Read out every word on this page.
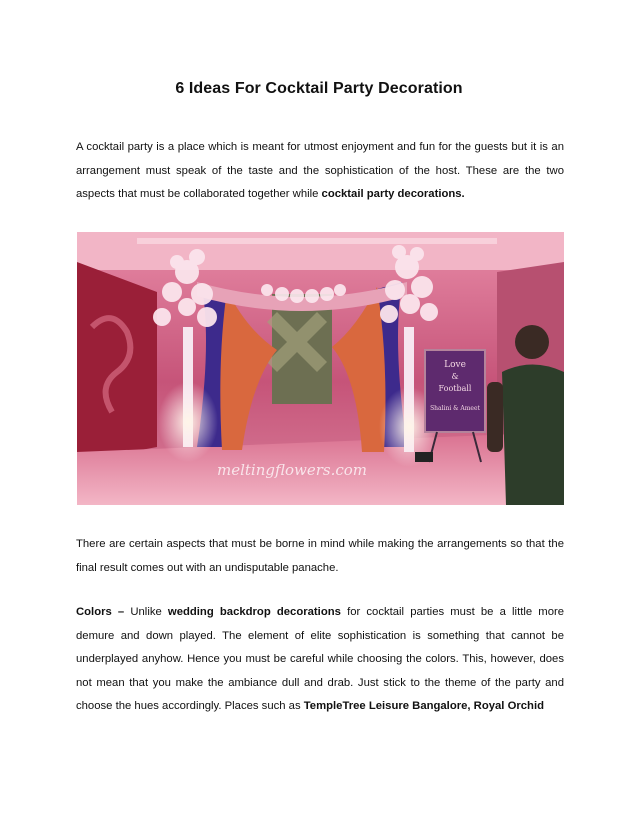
6 Ideas For Cocktail Party Decoration

A cocktail party is a place which is meant for utmost enjoyment and fun for the guests but it is an arrangement must speak of the taste and the sophistication of the host. These are the two aspects that must be collaborated together while cocktail party decorations.

Love
&
Football
Shalini & Ameet
meltingflowers.com

There are certain aspects that must be borne in mind while making the arrangements so that the final result comes out with an undisputable panache.

Colors – Unlike wedding backdrop decorations for cocktail parties must be a little more demure and down played. The element of elite sophistication is something that cannot be underplayed anyhow. Hence you must be careful while choosing the colors. This, however, does not mean that you make the ambiance dull and drab. Just stick to the theme of the party and choose the hues accordingly. Places such as TempleTree Leisure Bangalore, Royal Orchid
